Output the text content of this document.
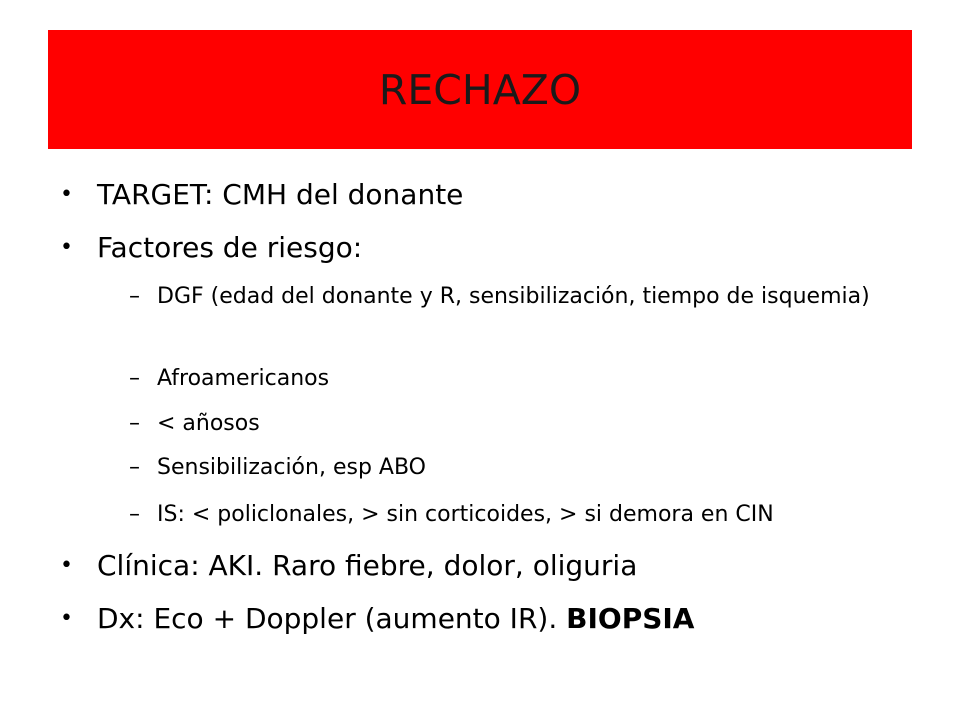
RECHAZO
• TARGET: CMH del donante
• Factores de riesgo:
– DGF (edad del donante y R, sensibilización, tiempo de isquemia)
– Afroamericanos
– < añosos
– Sensibilización, esp ABO
– IS: < policlonales, > sin corticoides, > si demora en CIN
• Clínica: AKI. Raro fiebre, dolor, oliguria
• Dx: Eco + Doppler (aumento IR). BIOPSIA
